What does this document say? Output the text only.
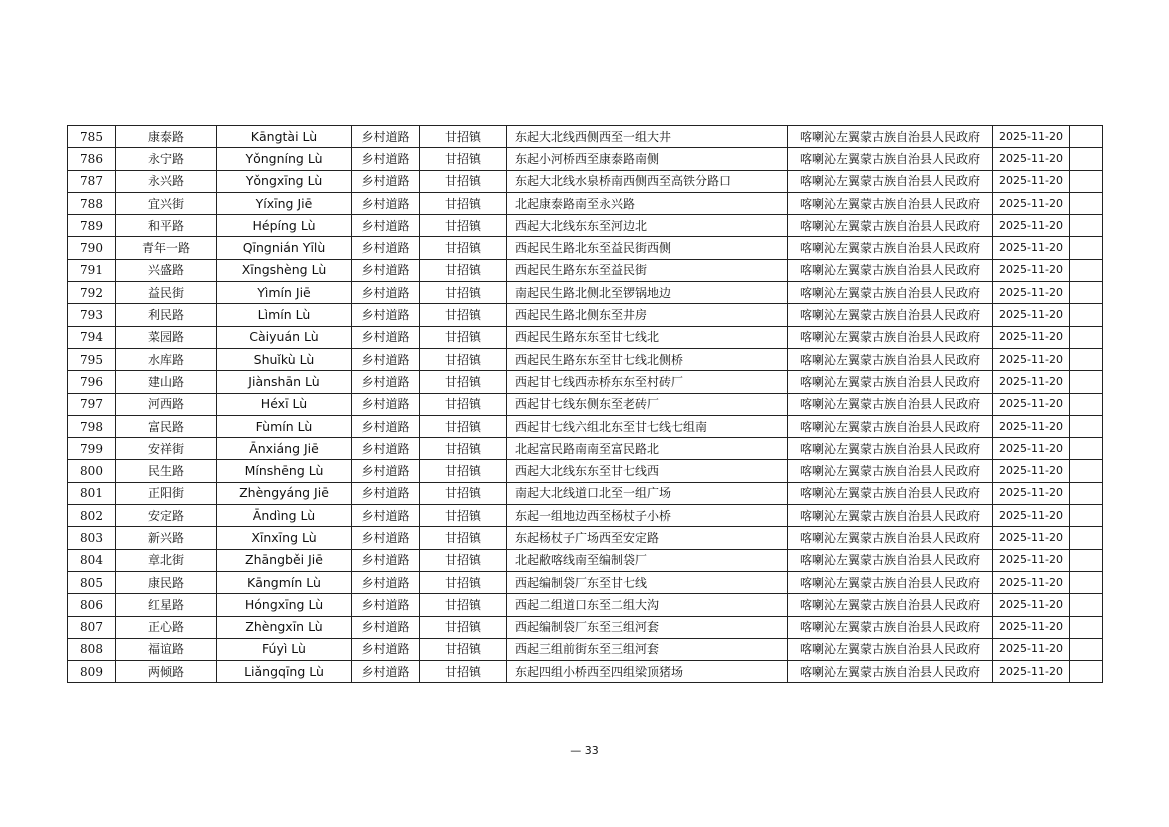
785	康泰路	Kāngtài Lù	乡村道路	甘招镇	东起大北线西侧西至一组大井	喀喇沁左翼蒙古族自治县人民政府	2025-11-20	
786	永宁路	Yǒngníng Lù	乡村道路	甘招镇	东起小河桥西至康泰路南侧	喀喇沁左翼蒙古族自治县人民政府	2025-11-20	
787	永兴路	Yǒngxīng Lù	乡村道路	甘招镇	东起大北线水泉桥南西侧西至高铁分路口	喀喇沁左翼蒙古族自治县人民政府	2025-11-20	
788	宜兴街	Yíxīng Jiē	乡村道路	甘招镇	北起康泰路南至永兴路	喀喇沁左翼蒙古族自治县人民政府	2025-11-20	
789	和平路	Hépíng Lù	乡村道路	甘招镇	西起大北线东东至河边北	喀喇沁左翼蒙古族自治县人民政府	2025-11-20	
790	青年一路	Qīngnián Yīlù	乡村道路	甘招镇	西起民生路北东至益民街西侧	喀喇沁左翼蒙古族自治县人民政府	2025-11-20	
791	兴盛路	Xīngshèng Lù	乡村道路	甘招镇	西起民生路东东至益民街	喀喇沁左翼蒙古族自治县人民政府	2025-11-20	
792	益民街	Yìmín Jiē	乡村道路	甘招镇	南起民生路北侧北至锣锅地边	喀喇沁左翼蒙古族自治县人民政府	2025-11-20	
793	利民路	Lìmín Lù	乡村道路	甘招镇	西起民生路北侧东至井房	喀喇沁左翼蒙古族自治县人民政府	2025-11-20	
794	菜园路	Càiyuán Lù	乡村道路	甘招镇	西起民生路东东至甘七线北	喀喇沁左翼蒙古族自治县人民政府	2025-11-20	
795	水库路	Shuǐkù Lù	乡村道路	甘招镇	西起民生路东东至甘七线北侧桥	喀喇沁左翼蒙古族自治县人民政府	2025-11-20	
796	建山路	Jiànshān Lù	乡村道路	甘招镇	西起甘七线西赤桥东东至村砖厂	喀喇沁左翼蒙古族自治县人民政府	2025-11-20	
797	河西路	Héxī Lù	乡村道路	甘招镇	西起甘七线东侧东至老砖厂	喀喇沁左翼蒙古族自治县人民政府	2025-11-20	
798	富民路	Fùmín Lù	乡村道路	甘招镇	西起甘七线六组北东至甘七线七组南	喀喇沁左翼蒙古族自治县人民政府	2025-11-20	
799	安祥街	Ānxiáng Jiē	乡村道路	甘招镇	北起富民路南南至富民路北	喀喇沁左翼蒙古族自治县人民政府	2025-11-20	
800	民生路	Mínshēng Lù	乡村道路	甘招镇	西起大北线东东至甘七线西	喀喇沁左翼蒙古族自治县人民政府	2025-11-20	
801	正阳街	Zhèngyáng Jiē	乡村道路	甘招镇	南起大北线道口北至一组广场	喀喇沁左翼蒙古族自治县人民政府	2025-11-20	
802	安定路	Āndìng Lù	乡村道路	甘招镇	东起一组地边西至杨杖子小桥	喀喇沁左翼蒙古族自治县人民政府	2025-11-20	
803	新兴路	Xīnxīng Lù	乡村道路	甘招镇	东起杨杖子广场西至安定路	喀喇沁左翼蒙古族自治县人民政府	2025-11-20	
804	章北街	Zhāngběi Jiē	乡村道路	甘招镇	北起敝喀线南至编制袋厂	喀喇沁左翼蒙古族自治县人民政府	2025-11-20	
805	康民路	Kāngmín Lù	乡村道路	甘招镇	西起编制袋厂东至甘七线	喀喇沁左翼蒙古族自治县人民政府	2025-11-20	
806	红星路	Hóngxīng Lù	乡村道路	甘招镇	西起二组道口东至二组大沟	喀喇沁左翼蒙古族自治县人民政府	2025-11-20	
807	正心路	Zhèngxīn Lù	乡村道路	甘招镇	西起编制袋厂东至三组河套	喀喇沁左翼蒙古族自治县人民政府	2025-11-20	
808	福谊路	Fúyì Lù	乡村道路	甘招镇	西起三组前街东至三组河套	喀喇沁左翼蒙古族自治县人民政府	2025-11-20	
809	两倾路	Liǎngqīng Lù	乡村道路	甘招镇	东起四组小桥西至四组梁顶猪场	喀喇沁左翼蒙古族自治县人民政府	2025-11-20	
— 33
